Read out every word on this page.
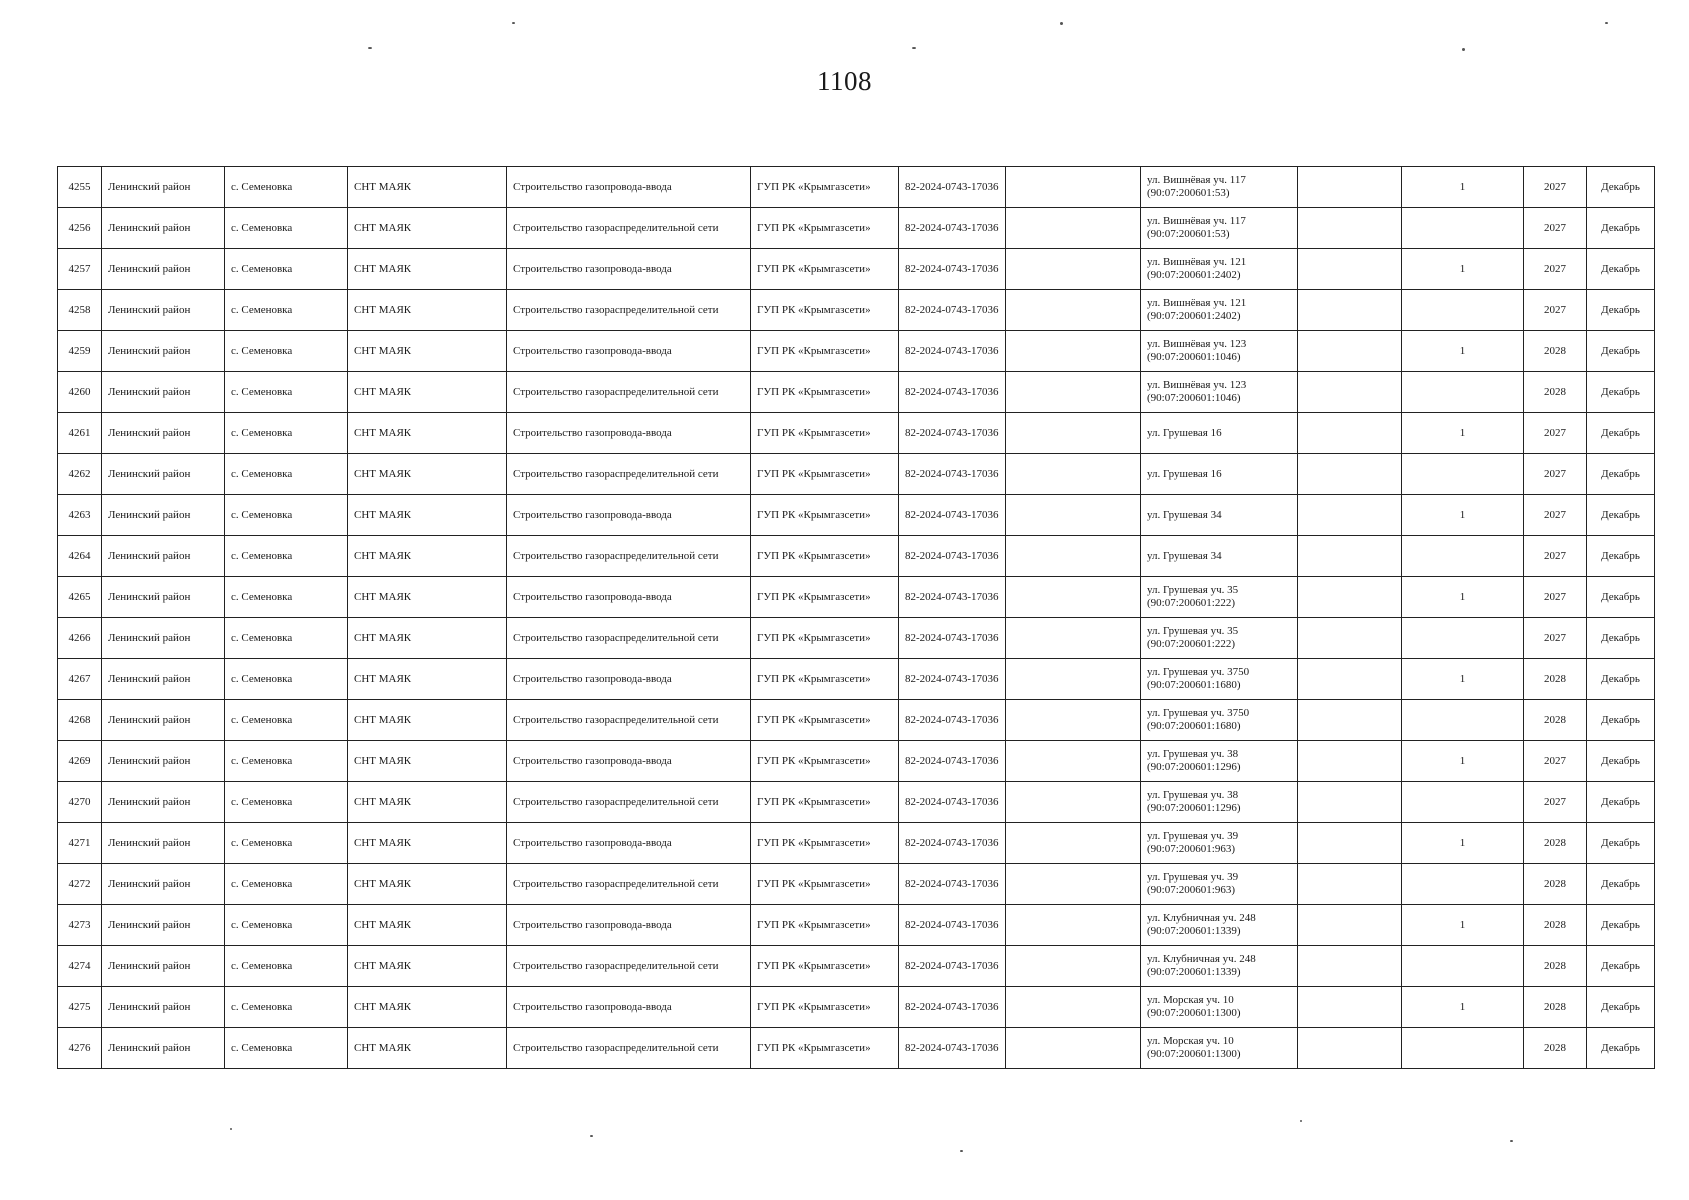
1108
4255	Ленинский район	с. Семеновка	СНТ МАЯК	Строительство газопровода-ввода	ГУП РК «Крымгазсети»	82-2024-0743-17036		ул. Вишнёвая уч. 117 (90:07:200601:53)		1	2027	Декабрь
4256	Ленинский район	с. Семеновка	СНТ МАЯК	Строительство газораспределительной сети	ГУП РК «Крымгазсети»	82-2024-0743-17036		ул. Вишнёвая уч. 117 (90:07:200601:53)			2027	Декабрь
4257	Ленинский район	с. Семеновка	СНТ МАЯК	Строительство газопровода-ввода	ГУП РК «Крымгазсети»	82-2024-0743-17036		ул. Вишнёвая уч. 121 (90:07:200601:2402)		1	2027	Декабрь
4258	Ленинский район	с. Семеновка	СНТ МАЯК	Строительство газораспределительной сети	ГУП РК «Крымгазсети»	82-2024-0743-17036		ул. Вишнёвая уч. 121 (90:07:200601:2402)			2027	Декабрь
4259	Ленинский район	с. Семеновка	СНТ МАЯК	Строительство газопровода-ввода	ГУП РК «Крымгазсети»	82-2024-0743-17036		ул. Вишнёвая уч. 123 (90:07:200601:1046)		1	2028	Декабрь
4260	Ленинский район	с. Семеновка	СНТ МАЯК	Строительство газораспределительной сети	ГУП РК «Крымгазсети»	82-2024-0743-17036		ул. Вишнёвая уч. 123 (90:07:200601:1046)			2028	Декабрь
4261	Ленинский район	с. Семеновка	СНТ МАЯК	Строительство газопровода-ввода	ГУП РК «Крымгазсети»	82-2024-0743-17036		ул. Грушевая 16		1	2027	Декабрь
4262	Ленинский район	с. Семеновка	СНТ МАЯК	Строительство газораспределительной сети	ГУП РК «Крымгазсети»	82-2024-0743-17036		ул. Грушевая 16			2027	Декабрь
4263	Ленинский район	с. Семеновка	СНТ МАЯК	Строительство газопровода-ввода	ГУП РК «Крымгазсети»	82-2024-0743-17036		ул. Грушевая 34		1	2027	Декабрь
4264	Ленинский район	с. Семеновка	СНТ МАЯК	Строительство газораспределительной сети	ГУП РК «Крымгазсети»	82-2024-0743-17036		ул. Грушевая 34			2027	Декабрь
4265	Ленинский район	с. Семеновка	СНТ МАЯК	Строительство газопровода-ввода	ГУП РК «Крымгазсети»	82-2024-0743-17036		ул. Грушевая уч. 35 (90:07:200601:222)		1	2027	Декабрь
4266	Ленинский район	с. Семеновка	СНТ МАЯК	Строительство газораспределительной сети	ГУП РК «Крымгазсети»	82-2024-0743-17036		ул. Грушевая уч. 35 (90:07:200601:222)			2027	Декабрь
4267	Ленинский район	с. Семеновка	СНТ МАЯК	Строительство газопровода-ввода	ГУП РК «Крымгазсети»	82-2024-0743-17036		ул. Грушевая уч. 3750 (90:07:200601:1680)		1	2028	Декабрь
4268	Ленинский район	с. Семеновка	СНТ МАЯК	Строительство газораспределительной сети	ГУП РК «Крымгазсети»	82-2024-0743-17036		ул. Грушевая уч. 3750 (90:07:200601:1680)			2028	Декабрь
4269	Ленинский район	с. Семеновка	СНТ МАЯК	Строительство газопровода-ввода	ГУП РК «Крымгазсети»	82-2024-0743-17036		ул. Грушевая уч. 38 (90:07:200601:1296)		1	2027	Декабрь
4270	Ленинский район	с. Семеновка	СНТ МАЯК	Строительство газораспределительной сети	ГУП РК «Крымгазсети»	82-2024-0743-17036		ул. Грушевая уч. 38 (90:07:200601:1296)			2027	Декабрь
4271	Ленинский район	с. Семеновка	СНТ МАЯК	Строительство газопровода-ввода	ГУП РК «Крымгазсети»	82-2024-0743-17036		ул. Грушевая уч. 39 (90:07:200601:963)		1	2028	Декабрь
4272	Ленинский район	с. Семеновка	СНТ МАЯК	Строительство газораспределительной сети	ГУП РК «Крымгазсети»	82-2024-0743-17036		ул. Грушевая уч. 39 (90:07:200601:963)			2028	Декабрь
4273	Ленинский район	с. Семеновка	СНТ МАЯК	Строительство газопровода-ввода	ГУП РК «Крымгазсети»	82-2024-0743-17036		ул. Клубничная уч. 248 (90:07:200601:1339)		1	2028	Декабрь
4274	Ленинский район	с. Семеновка	СНТ МАЯК	Строительство газораспределительной сети	ГУП РК «Крымгазсети»	82-2024-0743-17036		ул. Клубничная уч. 248 (90:07:200601:1339)			2028	Декабрь
4275	Ленинский район	с. Семеновка	СНТ МАЯК	Строительство газопровода-ввода	ГУП РК «Крымгазсети»	82-2024-0743-17036		ул. Морская уч. 10 (90:07:200601:1300)		1	2028	Декабрь
4276	Ленинский район	с. Семеновка	СНТ МАЯК	Строительство газораспределительной сети	ГУП РК «Крымгазсети»	82-2024-0743-17036		ул. Морская уч. 10 (90:07:200601:1300)			2028	Декабрь
